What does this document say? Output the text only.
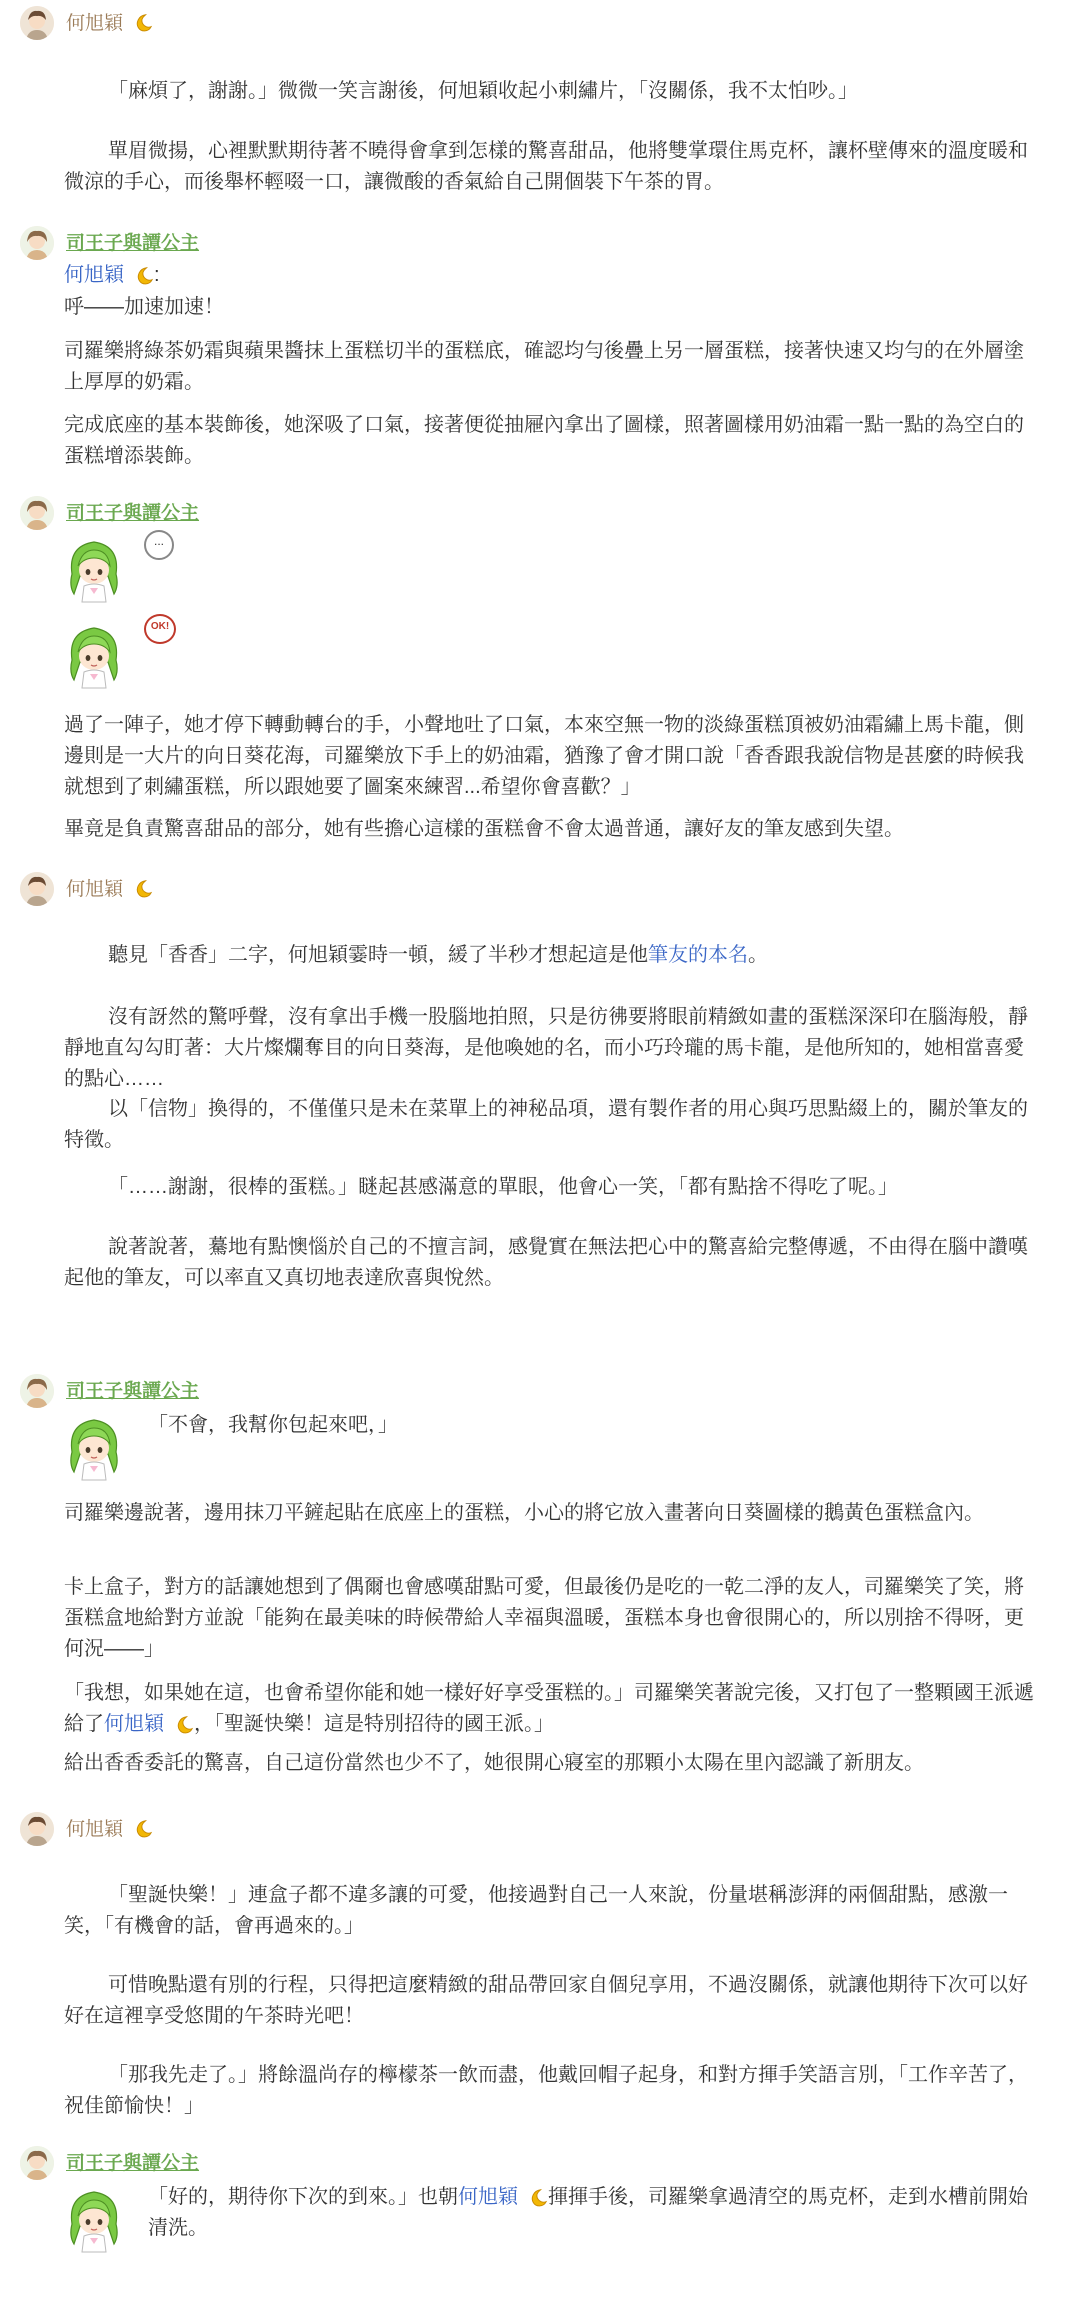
何旭穎

「麻煩了，謝謝。」微微一笑言謝後，何旭穎收起小刺繡片，「沒關係，我不太怕吵。」

單眉微揚，心裡默默期待著不曉得會拿到怎樣的驚喜甜品，他將雙掌環住馬克杯，讓杯壁傳來的溫度暖和微涼的手心，而後舉杯輕啜一口，讓微酸的香氣給自己開個裝下午茶的胃。

司王子與譚公主
何旭穎 :

呼——加速加速！

司羅樂將綠茶奶霜與蘋果醬抹上蛋糕切半的蛋糕底，確認均勻後疊上另一層蛋糕，接著快速又均勻的在外層塗上厚厚的奶霜。

完成底座的基本裝飾後，她深吸了口氣，接著便從抽屜內拿出了圖樣，照著圖樣用奶油霜一點一點的為空白的蛋糕增添裝飾。

司王子與譚公主
...
OK!

過了一陣子，她才停下轉動轉台的手，小聲地吐了口氣，本來空無一物的淡綠蛋糕頂被奶油霜繡上馬卡龍，側邊則是一大片的向日葵花海，司羅樂放下手上的奶油霜，猶豫了會才開口說「香香跟我說信物是甚麼的時候我就想到了刺繡蛋糕，所以跟她要了圖案來練習...希望你會喜歡？」

畢竟是負責驚喜甜品的部分，她有些擔心這樣的蛋糕會不會太過普通，讓好友的筆友感到失望。

何旭穎

聽見「香香」二字，何旭穎霎時一頓，緩了半秒才想起這是他筆友的本名。

沒有訝然的驚呼聲，沒有拿出手機一股腦地拍照，只是彷彿要將眼前精緻如畫的蛋糕深深印在腦海般，靜靜地直勾勾盯著：大片燦爛奪目的向日葵海，是他喚她的名，而小巧玲瓏的馬卡龍，是他所知的，她相當喜愛的點心……

以「信物」換得的，不僅僅只是未在菜單上的神秘品項，還有製作者的用心與巧思點綴上的，關於筆友的特徵。

「……謝謝，很棒的蛋糕。」瞇起甚感滿意的單眼，他會心一笑，「都有點捨不得吃了呢。」

說著說著，驀地有點懊惱於自己的不擅言詞，感覺實在無法把心中的驚喜給完整傳遞，不由得在腦中讚嘆起他的筆友，可以率直又真切地表達欣喜與悅然。

司王子與譚公主

「不會，我幫你包起來吧，」

司羅樂邊說著，邊用抹刀平鏟起貼在底座上的蛋糕，小心的將它放入畫著向日葵圖樣的鵝黃色蛋糕盒內。

卡上盒子，對方的話讓她想到了偶爾也會感嘆甜點可愛，但最後仍是吃的一乾二淨的友人，司羅樂笑了笑，將蛋糕盒地給對方並說「能夠在最美味的時候帶給人幸福與溫暖，蛋糕本身也會很開心的，所以別捨不得呀，更何況——」

「我想，如果她在這，也會希望你能和她一樣好好享受蛋糕的。」司羅樂笑著說完後，又打包了一整顆國王派遞給了何旭穎 ，「聖誕快樂！這是特別招待的國王派。」

給出香香委託的驚喜，自己這份當然也少不了，她很開心寢室的那顆小太陽在里內認識了新朋友。

何旭穎

「聖誕快樂！」連盒子都不違多讓的可愛，他接過對自己一人來說，份量堪稱澎湃的兩個甜點，感激一笑，「有機會的話，會再過來的。」

可惜晚點還有別的行程，只得把這麼精緻的甜品帶回家自個兒享用，不過沒關係，就讓他期待下次可以好好在這裡享受悠閒的午茶時光吧！

「那我先走了。」將餘溫尚存的檸檬茶一飲而盡，他戴回帽子起身，和對方揮手笑語言別，「工作辛苦了，祝佳節愉快！」

司王子與譚公主

「好的，期待你下次的到來。」也朝何旭穎 揮揮手後，司羅樂拿過清空的馬克杯，走到水槽前開始清洗。
